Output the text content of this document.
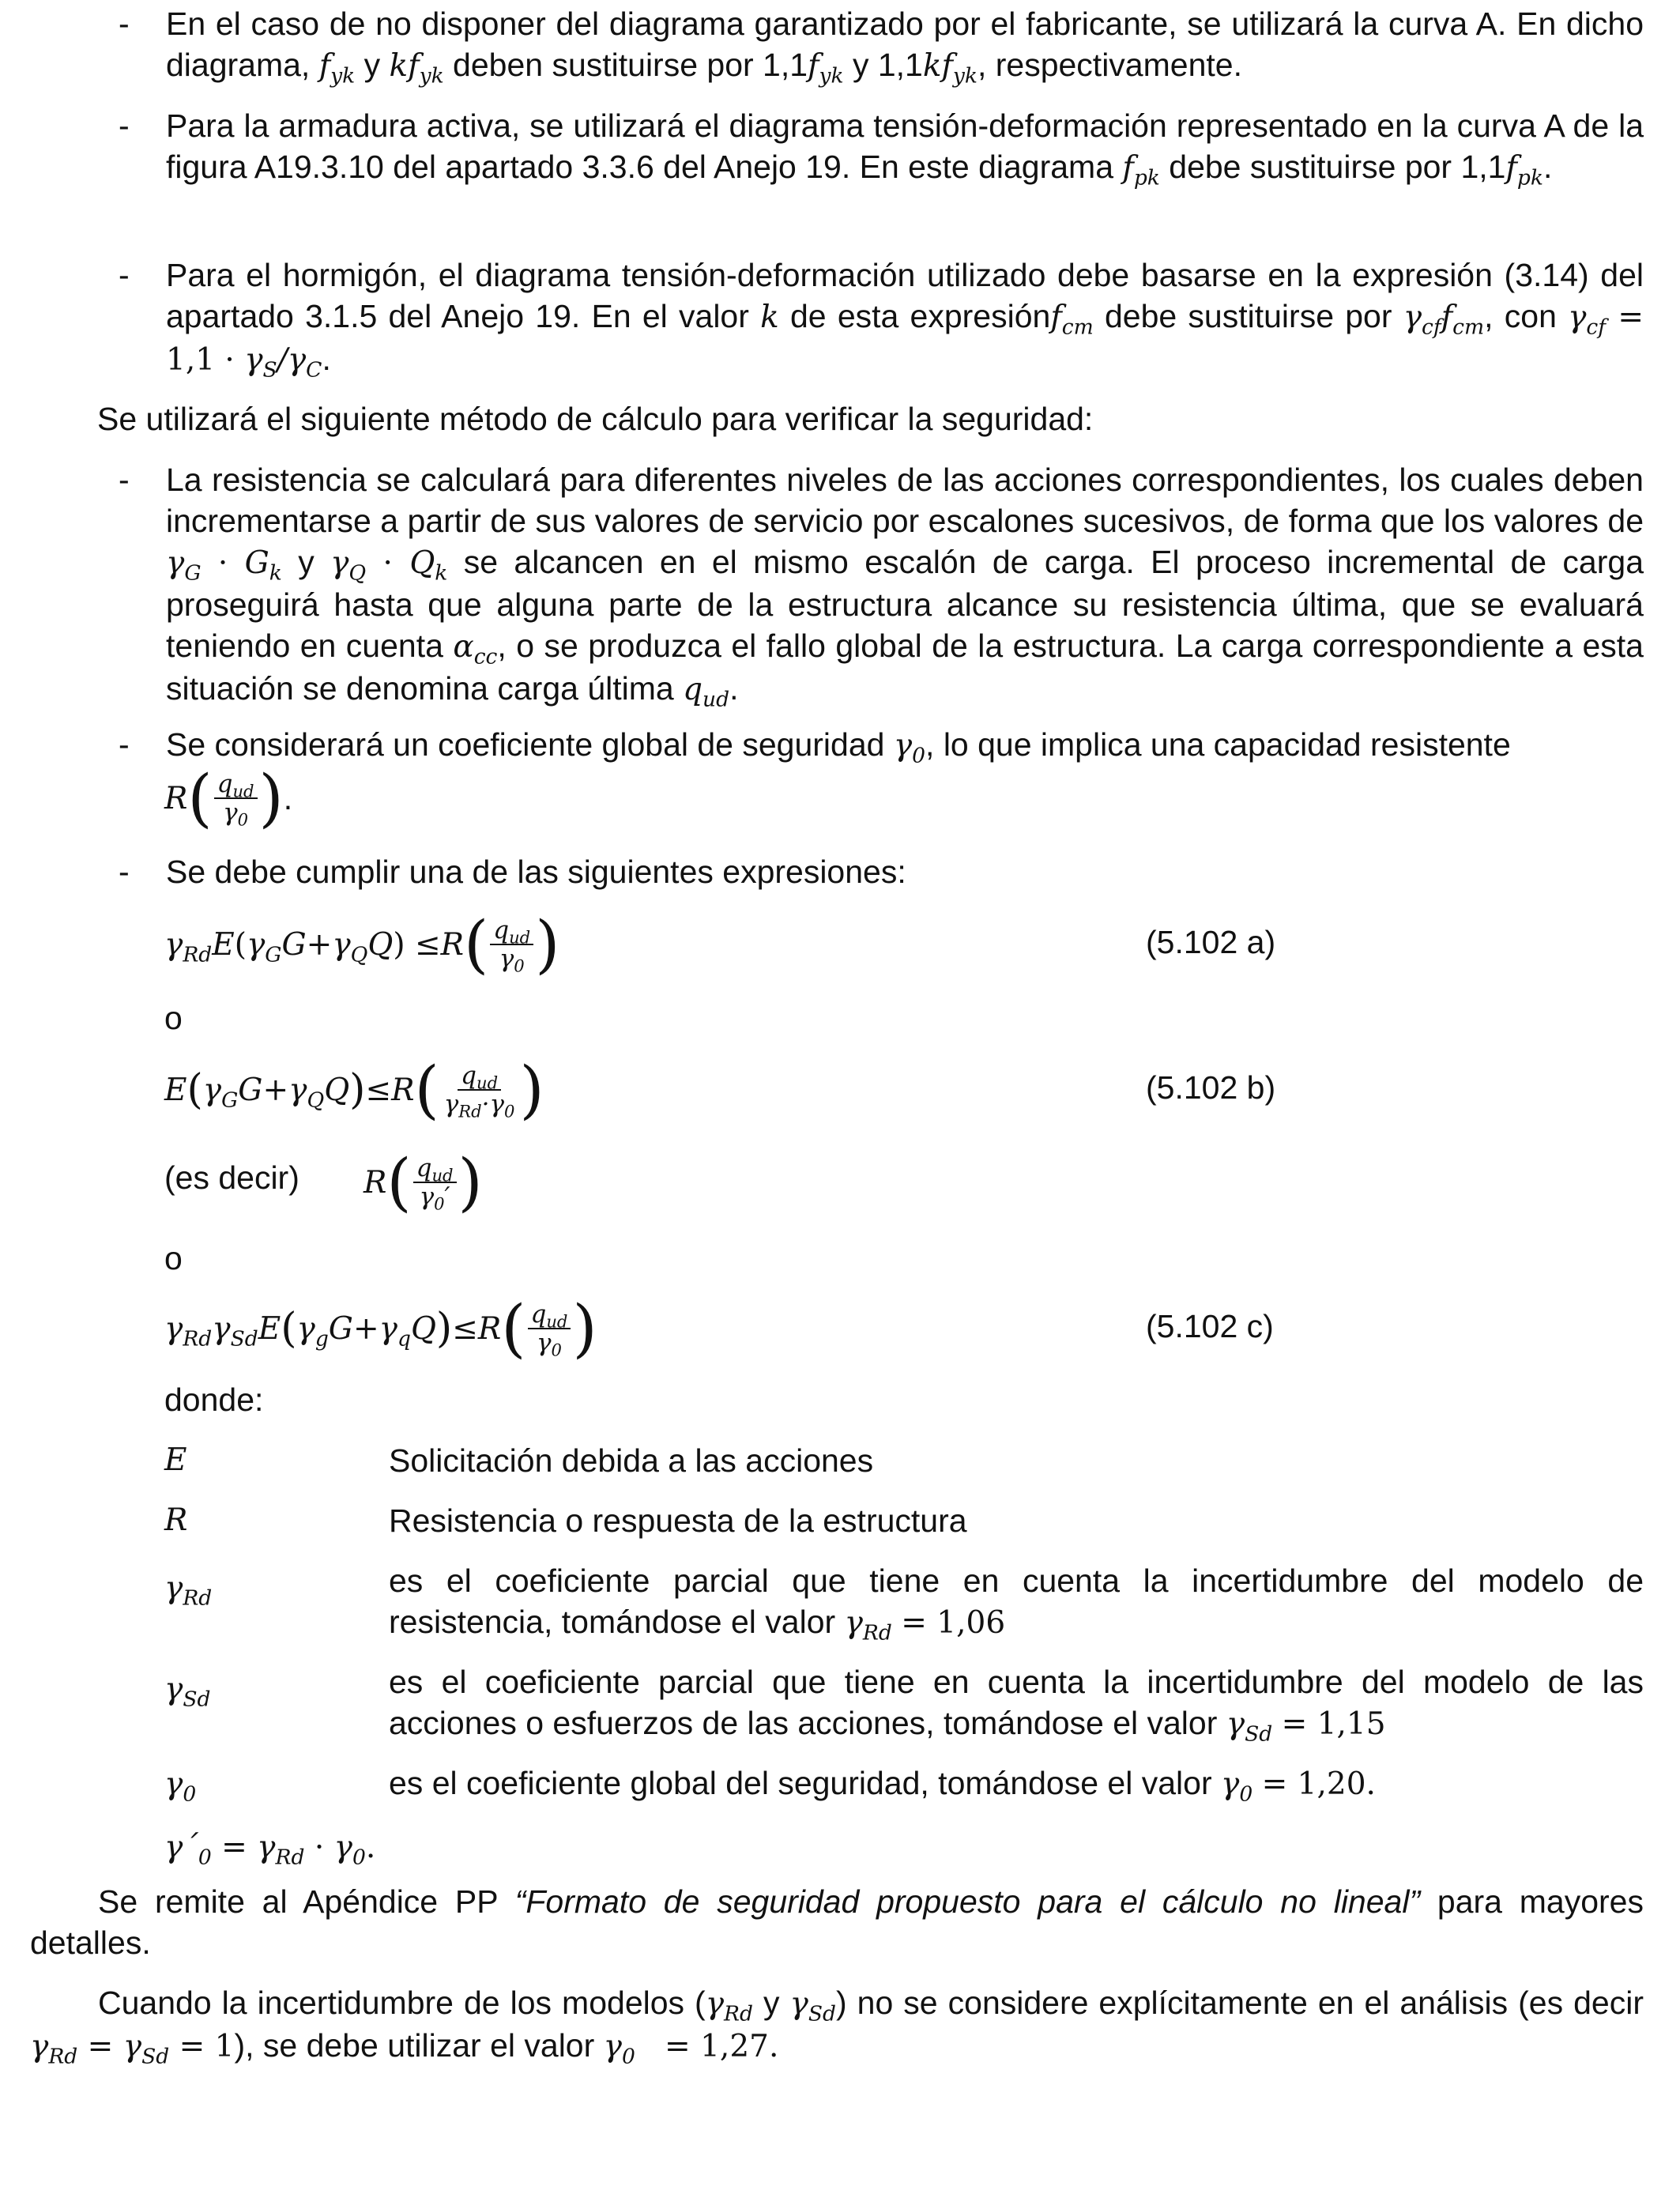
-	En el caso de no disponer del diagrama garantizado por el fabricante, se utilizará la curva A. En dicho diagrama, $f_{yk}$ y $kf_{yk}$ deben sustituirse por $1,1f_{yk}$ y $1,1kf_{yk}$, respectivamente.
-	Para la armadura activa, se utilizará el diagrama tensión-deformación representado en la curva A de la figura A19.3.10 del apartado 3.3.6 del Anejo 19. En este diagrama $f_{pk}$ debe sustituirse por $1,1f_{pk}$.
-	Para el hormigón, el diagrama tensión-deformación utilizado debe basarse en la expresión (3.14) del apartado 3.1.5 del Anejo 19. En el valor k de esta expresiónf$_{cm}$ debe sustituirse por $\gamma_{cf}f_{cm}$, con $\gamma_{cf} = 1,1 \cdot \gamma_S/\gamma_C$.
Se utilizará el siguiente método de cálculo para verificar la seguridad:
-	La resistencia se calculará para diferentes niveles de las acciones correspondientes, los cuales deben incrementarse a partir de sus valores de servicio por escalones sucesivos, de forma que los valores de $\gamma_G \cdot G_k$ y $\gamma_Q \cdot Q_k$ se alcancen en el mismo escalón de carga. El proceso incremental de carga proseguirá hasta que alguna parte de la estructura alcance su resistencia última, que se evaluará teniendo en cuenta $\alpha_{cc}$, o se produzca el fallo global de la estructura. La carga correspondiente a esta situación se denomina carga última $q_{ud}$.
-	Se considerará un coeficiente global de seguridad $\gamma_0$, lo que implica una capacidad resistente
R ( $\frac{q_{ud}}{\gamma_0}$ ) .
-	Se debe cumplir una de las siguientes expresiones:
$\gamma_{Rd}E$ ( $\gamma_GG + \gamma_QQ$ ) ≤ R ( $\frac{q_{ud}}{\gamma_0}$ )	(5.102 a)
o
E ( $\gamma_GG + \gamma_QQ$ ) ≤ R ( $\frac{q_{ud}}{\gamma_{Rd}\cdot\gamma_0}$ )	(5.102 b)
(es decir) R ( $\frac{q_{ud}}{\gamma_0'}$ )
o
$\gamma_{Rd}\gamma_{Sd}E$ ( $\gamma_gG + \gamma_qQ$ ) ≤ R ( $\frac{q_{ud}}{\gamma_0}$ )	(5.102 c)
donde:
E	Solicitación debida a las acciones
R	Resistencia o respuesta de la estructura
$\gamma_{Rd}$	es el coeficiente parcial que tiene en cuenta la incertidumbre del modelo de resistencia, tomándose el valor $\gamma_{Rd} = 1,06$
$\gamma_{Sd}$	es el coeficiente parcial que tiene en cuenta la incertidumbre del modelo de las acciones o esfuerzos de las acciones, tomándose el valor $\gamma_{Sd} = 1,15$
$\gamma_0$	es el coeficiente global del seguridad, tomándose el valor $\gamma_0 = 1,20$.
$\gamma´_0 = \gamma_{Rd} \cdot \gamma_0$.
Se remite al Apéndice PP “Formato de seguridad propuesto para el cálculo no lineal” para mayores detalles.
Cuando la incertidumbre de los modelos ($\gamma_{Rd}$ y $\gamma_{Sd}$) no se considere explícitamente en el análisis (es decir $\gamma_{Rd} = \gamma_{Sd} = 1$), se debe utilizar el valor $\gamma_0 = 1,27$.
